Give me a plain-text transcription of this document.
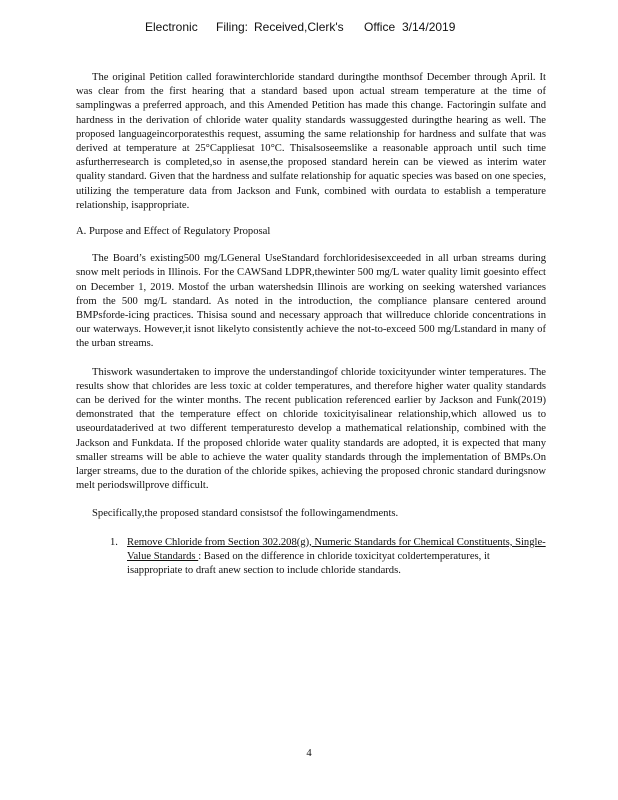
Electronic Filing: Received,Clerk's Office 3/14/2019

The original Petition called forawinterchloride standard duringthe monthsof December through April. It was clear from the first hearing that a standard based upon actual stream temperature at the time of samplingwas a preferred approach, and this Amended Petition has made this change. Factoringin sulfate and hardness in the derivation of chloride water quality standards wassuggested duringthe hearing as well. The proposed languageincorporatesthis request, assuming the same relationship for hardness and sulfate that was derived at temperature at 25°Cappliesat 10°C. Thisalsoseemslike a reasonable approach until such time asfurtherresearch is completed,so in asense,the proposed standard herein can be viewed as interim water quality standard. Given that the hardness and sulfate relationship for aquatic species was based on one species, utilizing the temperature data from Jackson and Funk, combined with ourdata to establish a temperature relationship, isappropriate.

A. Purpose and Effect of Regulatory Proposal

The Board’s existing500 mg/LGeneral UseStandard forchloridesisexceeded in all urban streams during snow melt periods in Illinois. For the CAWSand LDPR,thewinter 500 mg/L water quality limit goesinto effect on December 1, 2019. Mostof the urban watershedsin Illinois are working on seeking watershed variances from the 500 mg/L standard. As noted in the introduction, the compliance plansare centered around BMPsforde-icing practices. Thisisa sound and necessary approach that willreduce chloride concentrations in our waterways. However,it isnot likelyto consistently achieve the not-to-exceed 500 mg/Lstandard in many of the urban streams.

Thiswork wasundertaken to improve the understandingof chloride toxicityunder winter temperatures. The results show that chlorides are less toxic at colder temperatures, and therefore higher water quality standards can be derived for the winter months. The recent publication referenced earlier by Jackson and Funk(2019) demonstrated that the temperature effect on chloride toxicityisalinear relationship,which allowed us to useourdataderived at two different temperaturesto develop a mathematical relationship, combined with the Jackson and Funkdata. If the proposed chloride water quality standards are adopted, it is expected that many smaller streams will be able to achieve the water quality standards through the implementation of BMPs.On larger streams, due to the duration of the chloride spikes, achieving the proposed chronic standard duringsnow melt periodswillprove difficult.

Specifically,the proposed standard consistsof the followingamendments.

1. Remove Chloride from Section 302.208(g), Numeric Standards for Chemical Constituents, Single-Value Standards : Based on the difference in chloride toxicityat coldertemperatures, it isappropriate to draft anew section to include chloride standards.
4
